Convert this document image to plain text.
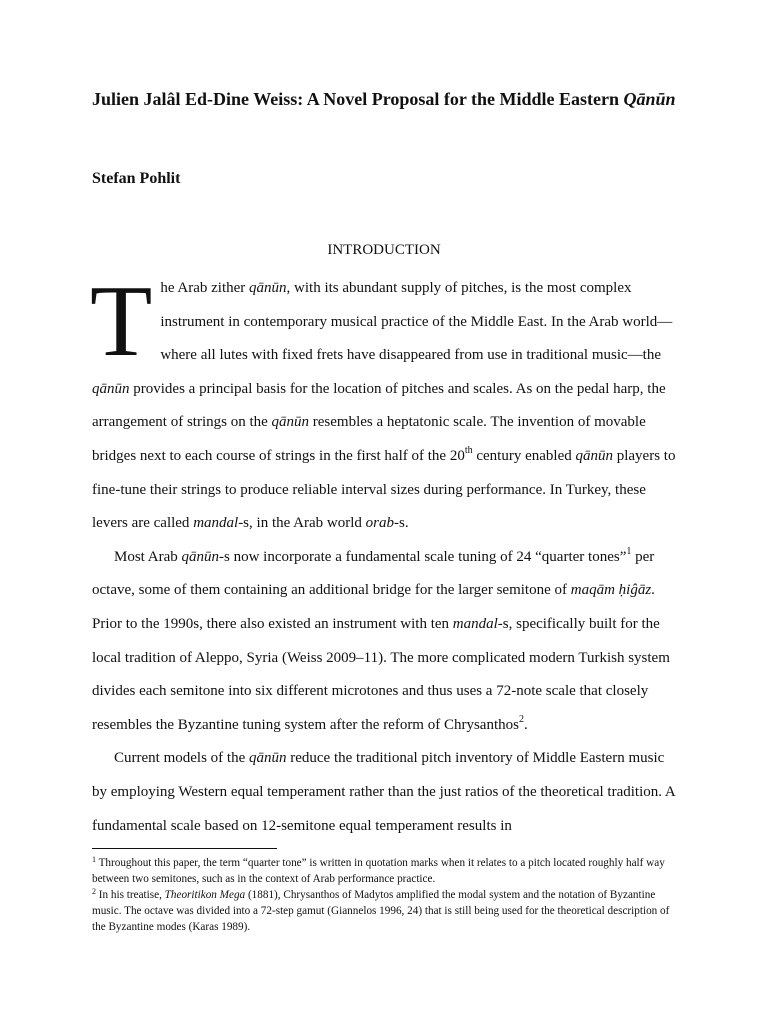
Julien Jalâl Ed-Dine Weiss: A Novel Proposal for the Middle Eastern Qānūn

Stefan Pohlit

INTRODUCTION

The Arab zither qānūn, with its abundant supply of pitches, is the most complex instrument in contemporary musical practice of the Middle East. In the Arab world—where all lutes with fixed frets have disappeared from use in traditional music—the qānūn provides a principal basis for the location of pitches and scales. As on the pedal harp, the arrangement of strings on the qānūn resembles a heptatonic scale. The invention of movable bridges next to each course of strings in the first half of the 20th century enabled qānūn players to fine-tune their strings to produce reliable interval sizes during performance. In Turkey, these levers are called mandal-s, in the Arab world orab-s.

Most Arab qānūn-s now incorporate a fundamental scale tuning of 24 “quarter tones”$^1$ per octave, some of them containing an additional bridge for the larger semitone of maqām ḥiĝāz. Prior to the 1990s, there also existed an instrument with ten mandal-s, specifically built for the local tradition of Aleppo, Syria (Weiss 2009–11). The more complicated modern Turkish system divides each semitone into six different microtones and thus uses a 72-note scale that closely resembles the Byzantine tuning system after the reform of Chrysanthos$^2$.

Current models of the qānūn reduce the traditional pitch inventory of Middle Eastern music by employing Western equal temperament rather than the just ratios of the theoretical tradition. A fundamental scale based on 12-semitone equal temperament results in

$^1$ Throughout this paper, the term “quarter tone” is written in quotation marks when it relates to a pitch located roughly half way between two semitones, such as in the context of Arab performance practice.

$^2$ In his treatise, Theoritikon Mega (1881), Chrysanthos of Madytos amplified the modal system and the notation of Byzantine music. The octave was divided into a 72-step gamut (Giannelos 1996, 24) that is still being used for the theoretical description of the Byzantine modes (Karas 1989).
